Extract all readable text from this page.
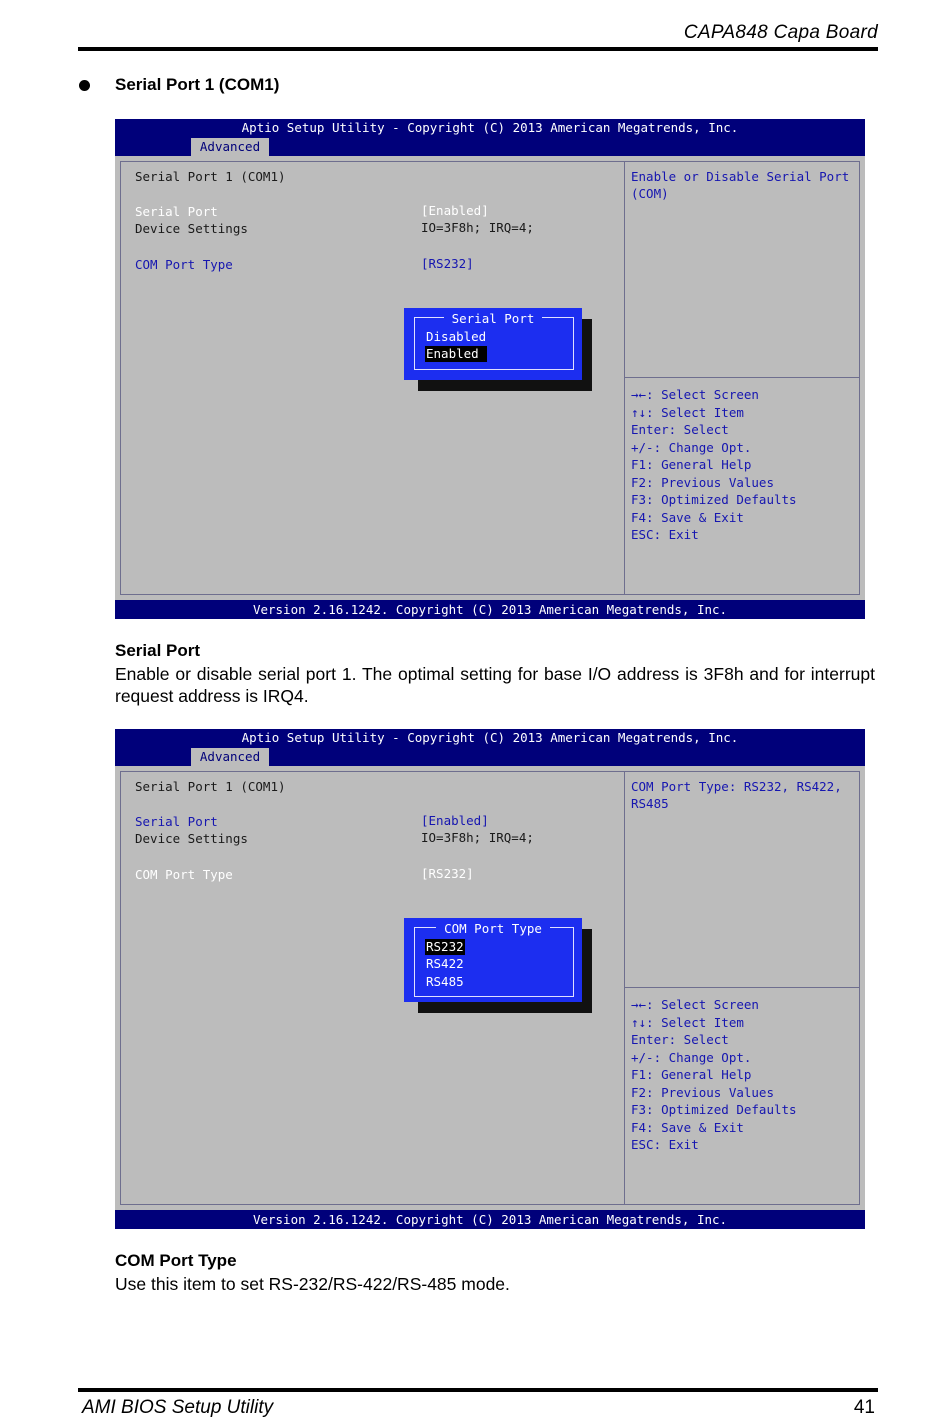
CAPA848 Capa Board
Serial Port 1 (COM1)
Aptio Setup Utility - Copyright (C) 2013 American Megatrends, Inc.
Advanced
Serial Port 1 (COM1)
Serial Port	[Enabled]
Device Settings	IO=3F8h; IRQ=4;
COM Port Type	[RS232]
Enable or Disable Serial Port
(COM)
→←: Select Screen
↑↓: Select Item
Enter: Select
+/-: Change Opt.
F1: General Help
F2: Previous Values
F3: Optimized Defaults
F4: Save & Exit
ESC: Exit
Serial Port
Disabled
Enabled
Version 2.16.1242. Copyright (C) 2013 American Megatrends, Inc.
Serial Port
Enable or disable serial port 1. The optimal setting for base I/O address is 3F8h and for interrupt request address is IRQ4.
Aptio Setup Utility - Copyright (C) 2013 American Megatrends, Inc.
Advanced
Serial Port 1 (COM1)
Serial Port	[Enabled]
Device Settings	IO=3F8h; IRQ=4;
COM Port Type	[RS232]
COM Port Type: RS232, RS422,
RS485
→←: Select Screen
↑↓: Select Item
Enter: Select
+/-: Change Opt.
F1: General Help
F2: Previous Values
F3: Optimized Defaults
F4: Save & Exit
ESC: Exit
COM Port Type
RS232
RS422
RS485
Version 2.16.1242. Copyright (C) 2013 American Megatrends, Inc.
COM Port Type
Use this item to set RS-232/RS-422/RS-485 mode.
AMI BIOS Setup Utility	41
